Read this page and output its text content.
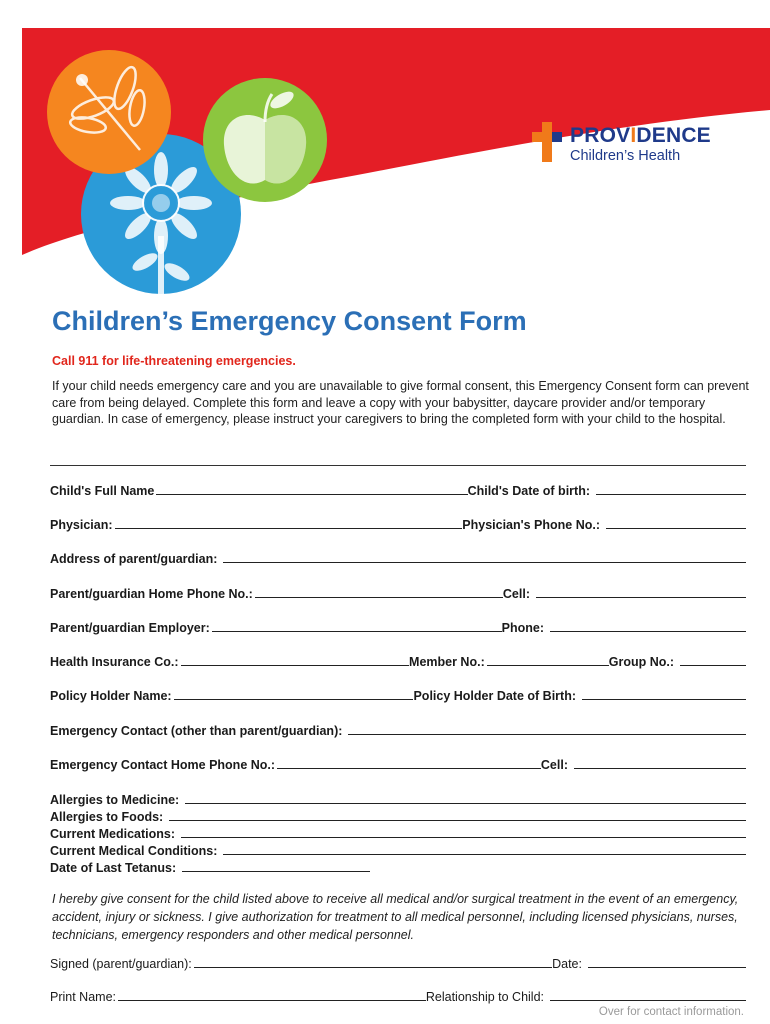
PROVIDENCE
Children’s Health
Children’s Emergency Consent Form
Call 911 for life-threatening emergencies.

If your child needs emergency care and you are unavailable to give formal consent, this Emergency Consent form can prevent care from being delayed. Complete this form and leave a copy with your babysitter, daycare provider and/or temporary guardian. In case of emergency, please instruct your caregivers to bring the completed form with your child to the hospital.

Child's Full Name	Child's Date of birth:
Physician:	Physician's Phone No.:
Address of parent/guardian:
Parent/guardian Home Phone No.:	Cell:
Parent/guardian Employer:	Phone:
Health Insurance Co.:	Member No.:	Group No.:
Policy Holder Name:	Policy Holder Date of Birth:
Emergency Contact (other than parent/guardian):
Emergency Contact Home Phone No.:	Cell:
Allergies to Medicine:
Allergies to Foods:
Current Medications:
Current Medical Conditions:
Date of Last Tetanus:

I hereby give consent for the child listed above to receive all medical and/or surgical treatment in the event of an emergency, accident, injury or sickness. I give authorization for treatment to all medical personnel, including licensed physicians, nurses, technicians, emergency responders and other medical personnel.

Signed (parent/guardian):	Date:
Print Name:	Relationship to Child:
Over for contact information.
